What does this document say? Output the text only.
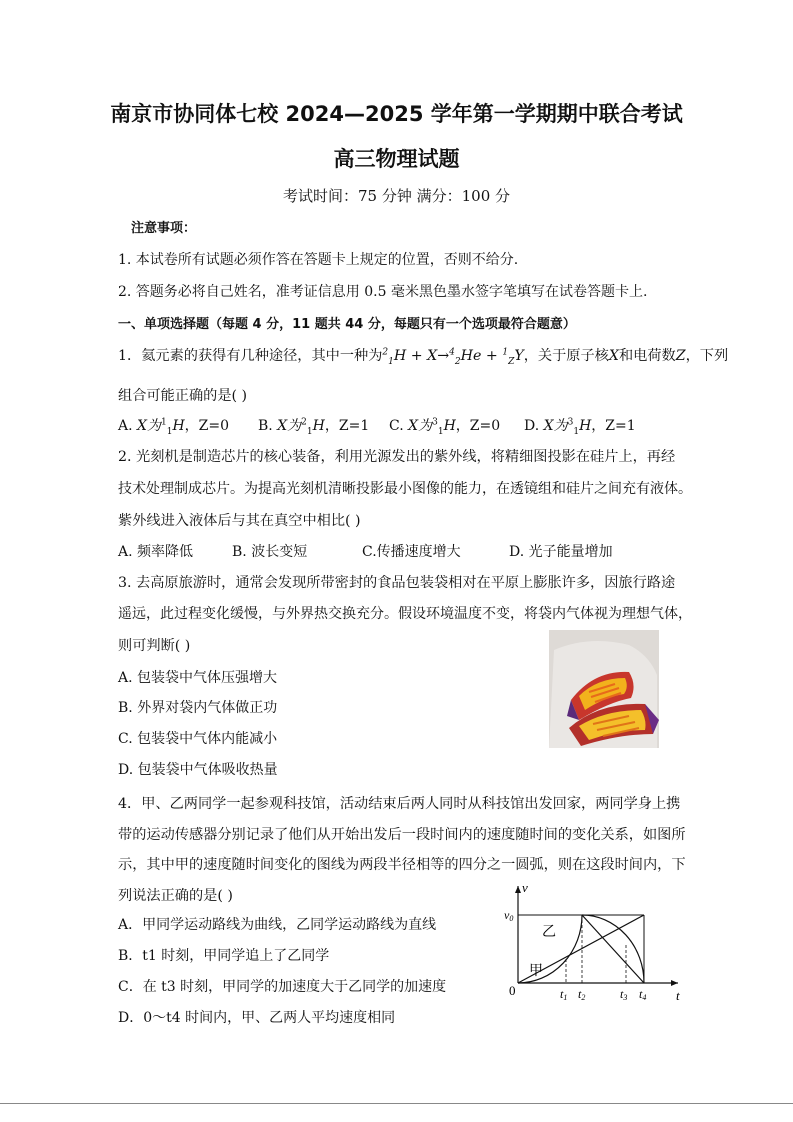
南京市协同体七校 2024—2025 学年第一学期期中联合考试
高三物理试题
考试时间：75 分钟 满分：100 分
注意事项：
1. 本试卷所有试题必须作答在答题卡上规定的位置，否则不给分.
2. 答题务必将自己姓名，准考证信息用 0.5 毫米黑色墨水签字笔填写在试卷答题卡上.
一、单项选择题（每题 4 分，11 题共 44 分，每题只有一个选项最符合题意）
1．氦元素的获得有几种途径，其中一种为$^2_1$H + X→$^4_2$He + $^1_Z$Y，关于原子核X和电荷数Z，下列
组合可能正确的是( )
A. X为$^1_1$H，Z=0 B. X为$^2_1$H，Z=1 C. X为$^3_1$H，Z=0 D. X为$^3_1$H，Z=1
2. 光刻机是制造芯片的核心装备，利用光源发出的紫外线，将精细图投影在硅片上，再经
技术处理制成芯片。为提高光刻机清晰投影最小图像的能力，在透镜组和硅片之间充有液体。
紫外线进入液体后与其在真空中相比( )
A. 频率降低	B. 波长变短	C.传播速度增大	D. 光子能量增加
3. 去高原旅游时，通常会发现所带密封的食品包装袋相对在平原上膨胀许多，因旅行路途
遥远，此过程变化缓慢，与外界热交换充分。假设环境温度不变，将袋内气体视为理想气体，
则可判断( )
A. 包装袋中气体压强增大
B. 外界对袋内气体做正功
C. 包装袋中气体内能减小
D. 包装袋中气体吸收热量
4．甲、乙两同学一起参观科技馆，活动结束后两人同时从科技馆出发回家，两同学身上携
带的运动传感器分别记录了他们从开始出发后一段时间内的速度随时间的变化关系，如图所
示，其中甲的速度随时间变化的图线为两段半径相等的四分之一圆弧，则在这段时间内，下
列说法正确的是( )
A．甲同学运动路线为曲线，乙同学运动路线为直线
B．t1 时刻，甲同学追上了乙同学
C．在 t3 时刻，甲同学的加速度大于乙同学的加速度
D．0～t4 时间内，甲、乙两人平均速度相同
v
v0
t
0	t1 t2	t3 t4
乙
甲
